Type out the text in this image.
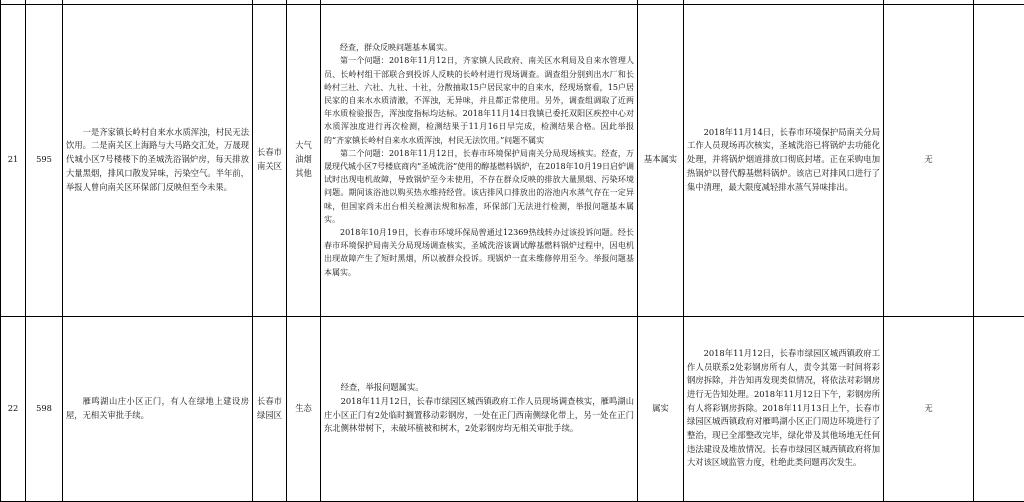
21	595	一是齐家镇长岭村自来水水质浑浊，村民无法饮用。二是南关区上海路与大马路交汇处，万晟现代城小区7号楼楼下的圣城洗浴锅炉房，每天排放大量黑烟，排风口散发异味，污染空气。半年前，举报人曾向南关区环保部门反映但至今未果。	长春市南关区	大气 油烟 其他	经查，群众反映问题基本属实。

第一个问题：2018年11月12日，齐家镇人民政府、南关区水利局及自来水管理人员、长岭村组干部联合到投诉人反映的长岭村进行现场调查。调查组分别到出水厂和长岭村三社、六社、九社、十社，分散抽取15户居民家中的自来水，经现场察看，15户居民家的自来水水质清澈，不浑浊，无异味，并且都正常使用。另外，调查组调取了近两年水质检验报告，浑浊度指标均达标。2018年11月14日我镇已委托双阳区疾控中心对水质浑浊度进行再次检测，检测结果于11月16日早完成，检测结果合格。因此举报的“齐家镇长岭村自来水水质浑浊，村民无法饮用。”问题不属实

第二个问题：2018年11月12日，长春市环境保护局南关分局现场核实。经查，万晟现代城小区7号楼底商内“圣城洗浴”使用的醇基燃料锅炉，在2018年10月19日启炉调试时出现电机故障，导致锅炉至今未使用，不存在群众反映的排放大量黑烟、污染环境问题。期间该浴池以购买热水维持经营。该店排风口排放出的浴池内水蒸气存在一定异味，但国家尚未出台相关检测法规和标准，环保部门无法进行检测，举报问题基本属实。

2018年10月19日，长春市环境环保局曾通过12369热线转办过该投诉问题。经长春市环境保护局南关分局现场调查核实，圣城洗浴该调试醇基燃料锅炉过程中，因电机出现故障产生了短时黑烟，所以被群众投诉。现锅炉一直未维修停用至今。举报问题基本属实。	基本属实	2018年11月14日，长春市环境保护局南关分局工作人员现场再次核实，圣城洗浴已将锅炉去功能化处理，并将锅炉烟道排放口彻底封堵。正在采购电加热锅炉以替代醇基燃料锅炉。该店已对排风口进行了集中清理，最大限度减轻排水蒸气异味排出。	无	
22	598	雁鸣湖山庄小区正门，有人在绿地上建设房屋，无相关审批手续。	长春市绿园区	生态	经查，举报问题属实。

2018年11月12日，长春市绿园区城西镇政府工作人员现场调查核实，雁鸣湖山庄小区正门有2处临时搁置移动彩钢房，一处在正门西南侧绿化带上，另一处在正门东北侧林带树下，未破坏植被和树木，2处彩钢房均无相关审批手续。	属实	2018年11月12日，长春市绿园区城西镇政府工作人员联系2处彩钢房所有人，责令其第一时间将彩钢房拆除，并告知再发现类似情况，将依法对彩钢房进行无告知处理。2018年11月12日下午，彩钢房所有人将彩钢房拆除。2018年11月13日上午，长春市绿园区城西镇政府对雁鸣湖小区正门周边环境进行了整治，现已全部整改完毕，绿化带及其他场地无任何违法建设及堆放情况。长春市绿园区城西镇政府将加大对该区域监管力度，杜绝此类问题再次发生。	无	
